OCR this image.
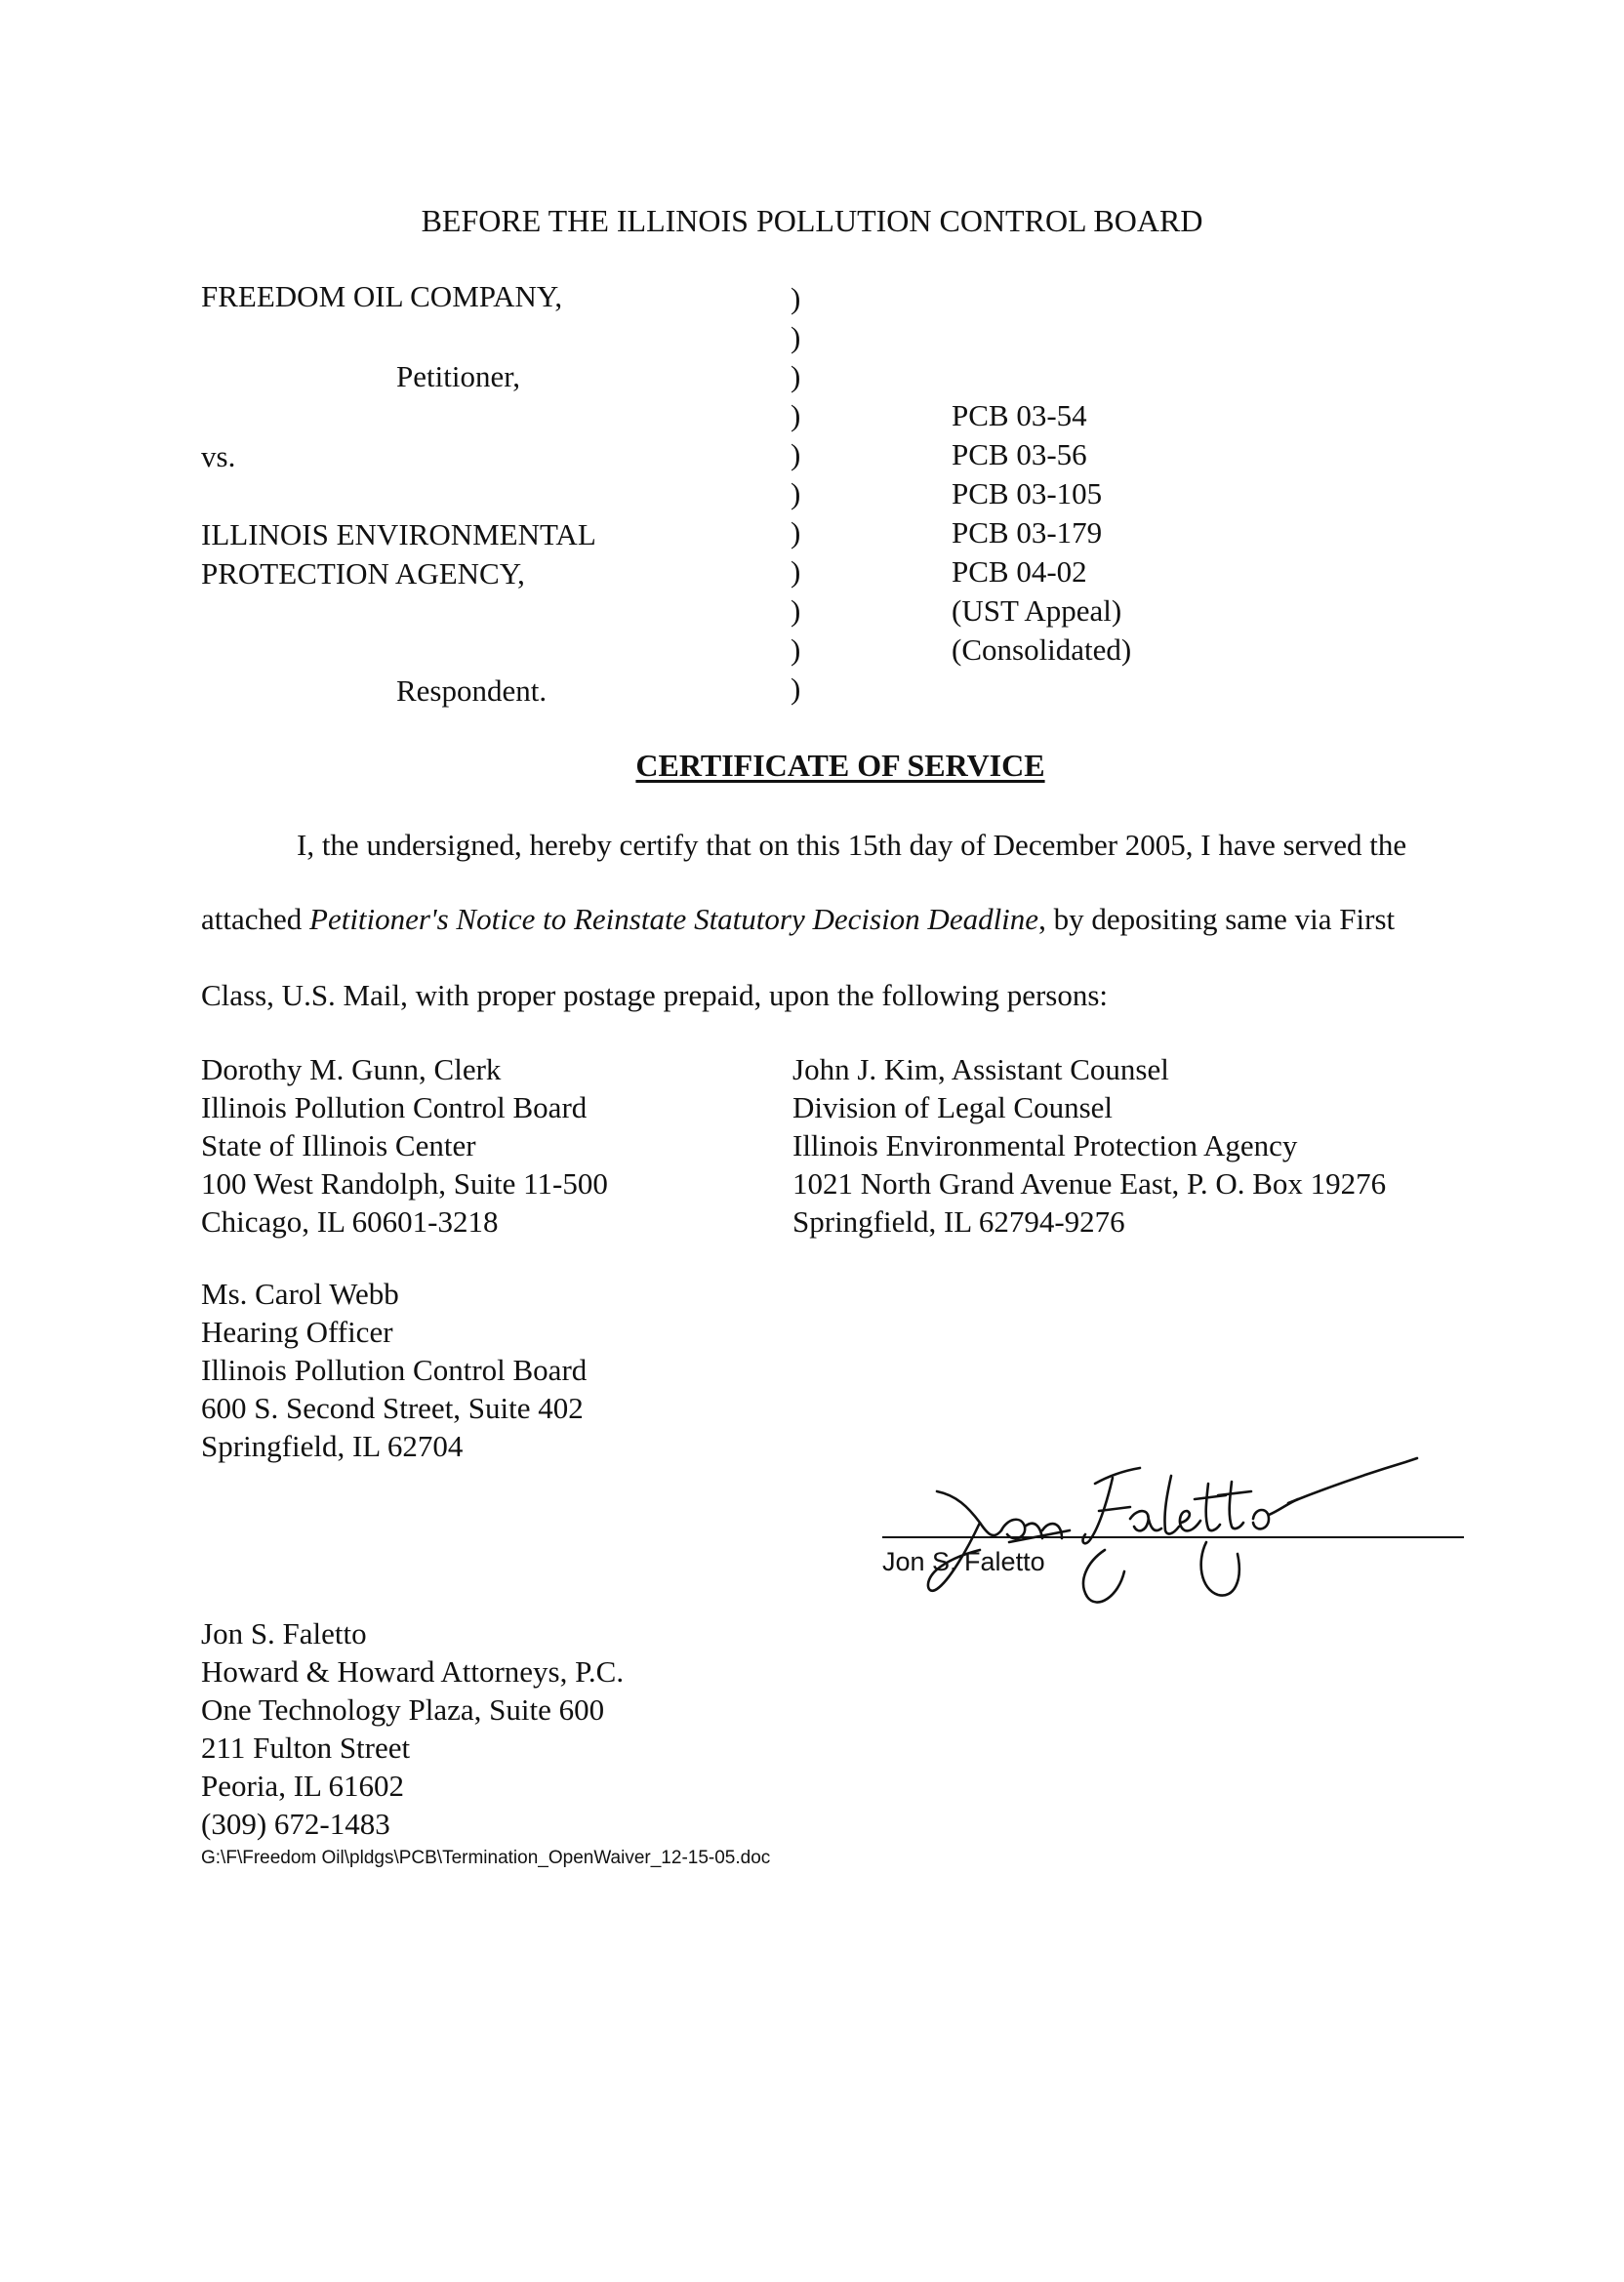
BEFORE THE ILLINOIS POLLUTION CONTROL BOARD
FREEDOM OIL COMPANY,
Petitioner,
vs.
ILLINOIS ENVIRONMENTAL
PROTECTION AGENCY,
Respondent.
)
)
)
)
)
)
)
)
)
)
)
PCB 03-54
PCB 03-56
PCB 03-105
PCB 03-179
PCB 04-02
(UST Appeal)
(Consolidated)
CERTIFICATE OF SERVICE
I, the undersigned, hereby certify that on this 15th day of December 2005, I have served the
attached Petitioner's Notice to Reinstate Statutory Decision Deadline, by depositing same via First
Class, U.S. Mail, with proper postage prepaid, upon the following persons:
Dorothy M. Gunn, Clerk
Illinois Pollution Control Board
State of Illinois Center
100 West Randolph, Suite 11-500
Chicago, IL 60601-3218
John J. Kim, Assistant Counsel
Division of Legal Counsel
Illinois Environmental Protection Agency
1021 North Grand Avenue East, P. O. Box 19276
Springfield, IL 62794-9276
Ms. Carol Webb
Hearing Officer
Illinois Pollution Control Board
600 S. Second Street, Suite 402
Springfield, IL 62704
Jon S. Faletto
Jon S. Faletto
Howard & Howard Attorneys, P.C.
One Technology Plaza, Suite 600
211 Fulton Street
Peoria, IL 61602
(309) 672-1483
G:\F\Freedom Oil\pldgs\PCB\Termination_OpenWaiver_12-15-05.doc
